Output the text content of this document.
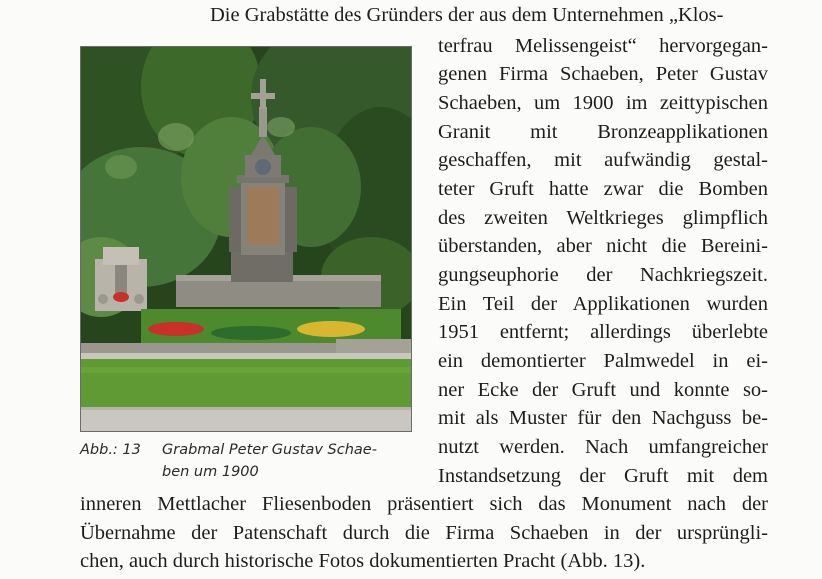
Abb.: 13 Grabmal Peter Gustav Schae-
ben um 1900
Die Grabstätte des Gründers der aus dem Unternehmen „Klos-
terfrau Melissengeist“ hervorgegan-
genen Firma Schaeben, Peter Gustav
Schaeben, um 1900 im zeittypischen
Granit mit Bronzeapplikationen
geschaffen, mit aufwändig gestal-
teter Gruft hatte zwar die Bomben
des zweiten Weltkrieges glimpflich
überstanden, aber nicht die Bereini-
gungseuphorie der Nachkriegszeit.
Ein Teil der Applikationen wurden
1951 entfernt; allerdings überlebte
ein demontierter Palmwedel in ei-
ner Ecke der Gruft und konnte so-
mit als Muster für den Nachguss be-
nutzt werden. Nach umfangreicher
Instandsetzung der Gruft mit dem
inneren Mettlacher Fliesenboden präsentiert sich das Monument nach der
Übernahme der Patenschaft durch die Firma Schaeben in der ursprüngli-
chen, auch durch historische Fotos dokumentierten Pracht (Abb. 13).
